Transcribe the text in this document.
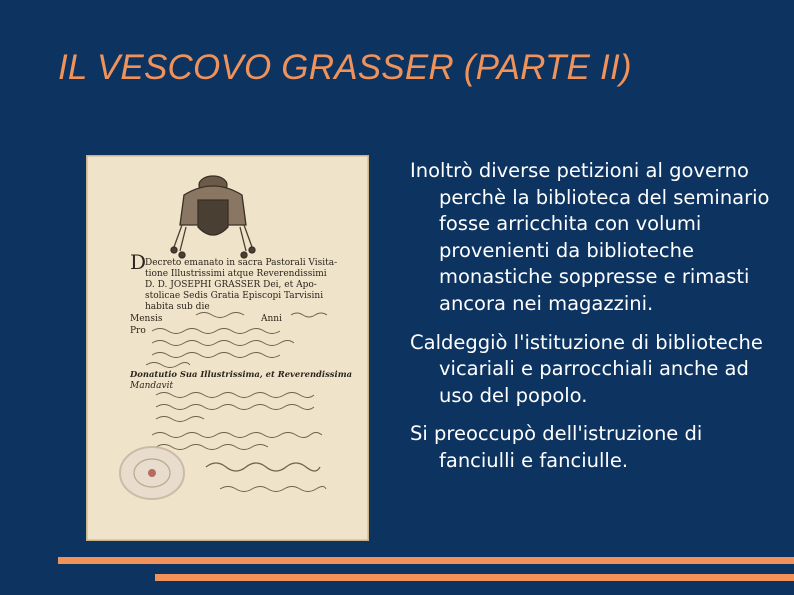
IL VESCOVO GRASSER (PARTE II)
D
Decreto emanato in sacra Pastorali Visita-
tione Illustrissimi atque Reverendissimi
D. D. JOSEPHI GRASSER Dei, et Apo-
stolicae Sedis Gratia Episcopi Tarvisini
habita sub die
Mensis	Anni
Pro
Donatutio Sua Illustrissima, et Reverendissima
Mandavit

Inoltrò diverse petizioni al governo perchè la biblioteca del seminario fosse arricchita con volumi provenienti da biblioteche monastiche soppresse e rimasti ancora nei magazzini.

Caldeggiò l'istituzione di biblioteche vicariali e parrocchiali anche ad uso del popolo.

Si preoccupò dell'istruzione di fanciulli e fanciulle.
